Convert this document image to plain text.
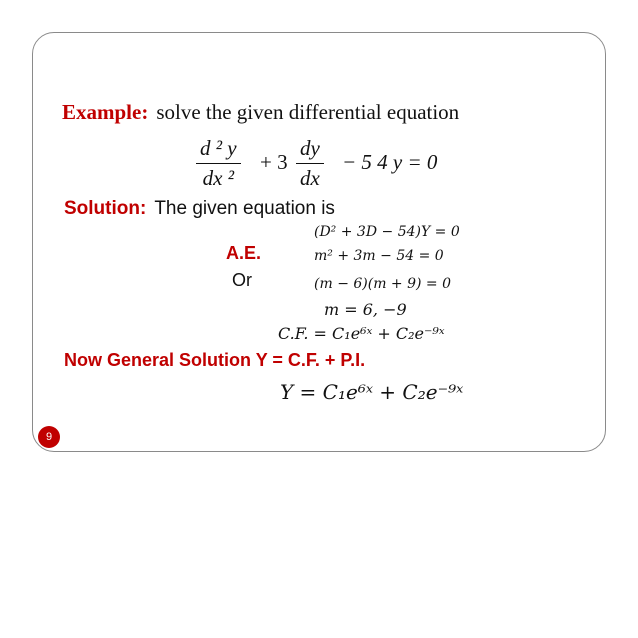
Example: solve the given differential equation
d ² y
dx ²
+ 3
dy
dx
− 5 4 y = 0
Solution: The given equation is
(D² + 3D − 54)Y = 0
A.E.	m² + 3m − 54 = 0
Or	(m − 6)(m + 9) = 0
m = 6, −9
C.F. = C₁e⁶ˣ + C₂e⁻⁹ˣ
Now General Solution Y = C.F. + P.I.
Y = C₁e⁶ˣ + C₂e⁻⁹ˣ
9
